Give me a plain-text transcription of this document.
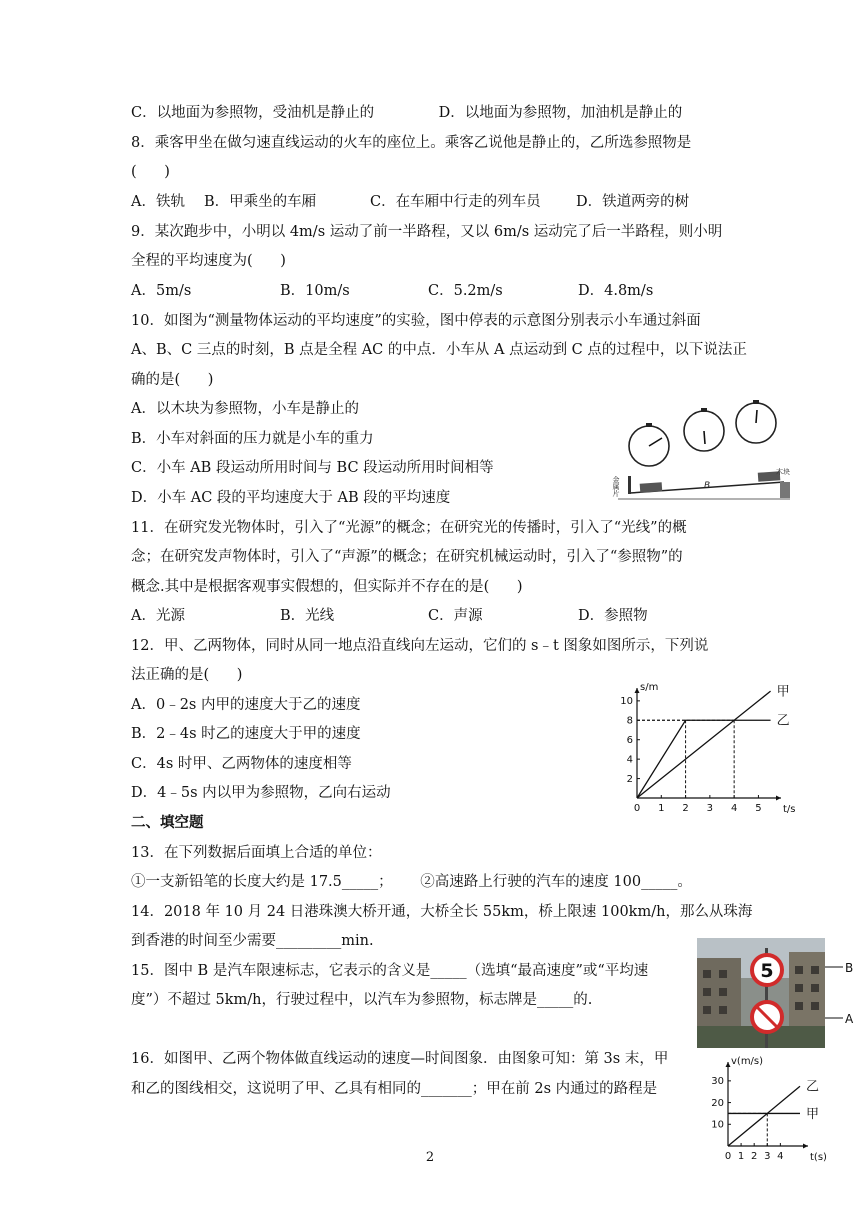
C．以地面为参照物，受油机是静止的              D．以地面为参照物，加油机是静止的
8．乘客甲坐在做匀速直线运动的火车的座位上。乘客乙说他是静止的，乙所选参照物是
(      )
A．铁轨 B．甲乘坐的车厢	C．在车厢中行走的列车员 D．铁道两旁的树
9．某次跑步中，小明以 4m/s 运动了前一半路程，又以 6m/s 运动完了后一半路程，则小明
全程的平均速度为(      )
A．5m/s	B．10m/s	C．5.2m/s	D．4.8m/s
10．如图为“测量物体运动的平均速度”的实验，图中停表的示意图分别表示小车通过斜面
A、B、C 三点的时刻，B 点是全程 AC 的中点．小车从 A 点运动到 C 点的过程中，以下说法正
确的是(      )
A．以木块为参照物，小车是静止的
B．小车对斜面的压力就是小车的重力
C．小车 AB 段运动所用时间与 BC 段运动所用时间相等
D．小车 AC 段的平均速度大于 AB 段的平均速度
11．在研究发光物体时，引入了“光源”的概念；在研究光的传播时，引入了“光线”的概
念；在研究发声物体时，引入了“声源”的概念；在研究机械运动时，引入了“参照物”的
概念.其中是根据客观事实假想的，但实际并不存在的是(      )
A．光源	B．光线	C．声源	D．参照物
12．甲、乙两物体，同时从同一地点沿直线向左运动，它们的 s﹣t 图象如图所示，下列说
法正确的是(      )
A．0﹣2s 内甲的速度大于乙的速度
B．2﹣4s 时乙的速度大于甲的速度
C．4s 时甲、乙两物体的速度相等
D．4﹣5s 内以甲为参照物，乙向右运动
二、填空题
13．在下列数据后面填上合适的单位：
①一支新铅笔的长度大约是 17.5_____；      ②高速路上行驶的汽车的速度 100_____。
14．2018 年 10 月 24 日港珠澳大桥开通，大桥全长 55km，桥上限速 100km/h，那么从珠海
到香港的时间至少需要_________min.
15．图中 B 是汽车限速标志，它表示的含义是_____（选填“最高速度”或“平均速
度”）不超过 5km/h，行驶过程中，以汽车为参照物，标志牌是_____的.
16．如图甲、乙两个物体做直线运动的速度—时间图象．由图象可知：第 3s 末，甲
和乙的图线相交，这说明了甲、乙具有相同的_______；甲在前 2s 内通过的路程是
2
金属片	B
木块
0 1 2 3 4 5
2
4
6
8
10
t/s
s/m	甲
乙
5	B
A
0 1 2 3 4
10
20
30
t(s)
v(m/s)
乙
甲
